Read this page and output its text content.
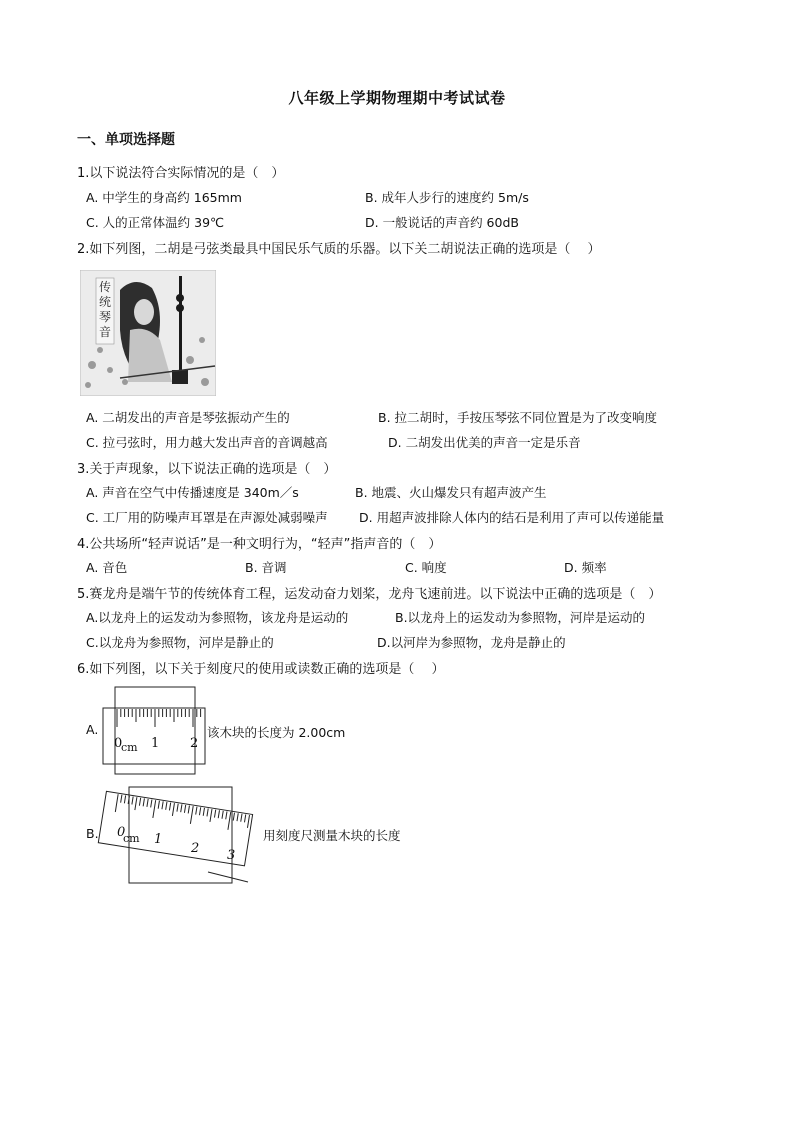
八年级上学期物理期中考试试卷
一、单项选择题
1.以下说法符合实际情况的是（　）
A. 中学生的身高约 165mm	B. 成年人步行的速度约 5m/s
C. 人的正常体温约 39℃	D. 一般说话的声音约 60dB
2.如下列图，二胡是弓弦类最具中国民乐气质的乐器。以下关二胡说法正确的选项是（　 ）
传统琴音
A. 二胡发出的声音是琴弦振动产生的	B. 拉二胡时，手按压琴弦不同位置是为了改变响度
C. 拉弓弦时，用力越大发出声音的音调越高	D. 二胡发出优美的声音一定是乐音
3.关于声现象，以下说法正确的选项是（　）
A. 声音在空气中传播速度是 340m／s	B. 地震、火山爆发只有超声波产生
C. 工厂用的防噪声耳罩是在声源处减弱噪声	D. 用超声波排除人体内的结石是利用了声可以传递能量
4.公共场所“轻声说话”是一种文明行为，“轻声”指声音的（　）
A. 音色	B. 音调	C. 响度	D. 频率
5.赛龙舟是端午节的传统体育工程，运发动奋力划桨，龙舟飞速前进。以下说法中正确的选项是（　）
A.以龙舟上的运发动为参照物，该龙舟是运动的	B.以龙舟上的运发动为参照物，河岸是运动的
C.以龙舟为参照物，河岸是静止的	D.以河岸为参照物，龙舟是静止的
6.如下列图，以下关于刻度尺的使用或读数正确的选项是（　 ）
A.
0
cm 1 2
该木块的长度为 2.00cm
B. 0
cm 1
2 3
用刻度尺测量木块的长度
